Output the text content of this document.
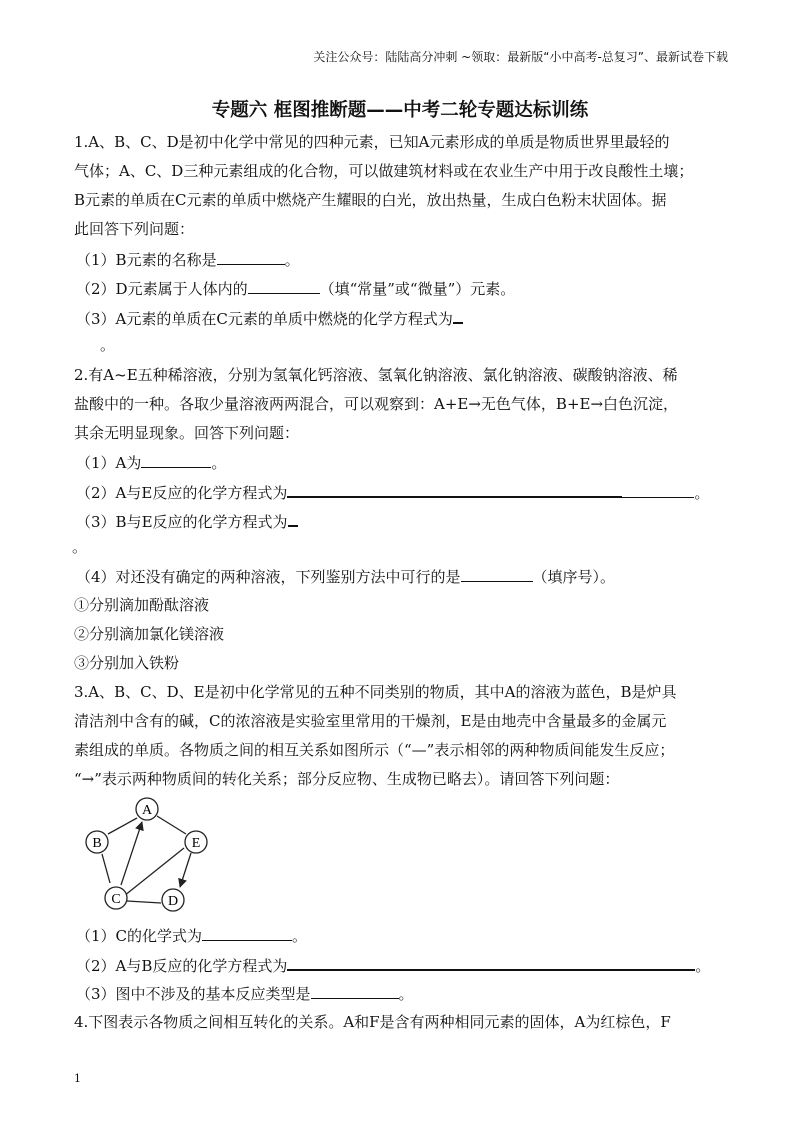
关注公众号：陆陆高分冲刺 ~领取：最新版“小中高考-总复习”、最新试卷下载
专题六 框图推断题——中考二轮专题达标训练
1.A、B、C、D是初中化学中常见的四种元素，已知A元素形成的单质是物质世界里最轻的
气体；A、C、D三种元素组成的化合物，可以做建筑材料或在农业生产中用于改良酸性土壤；
B元素的单质在C元素的单质中燃烧产生耀眼的白光，放出热量，生成白色粉末状固体。据
此回答下列问题：
（1）B元素的名称是	。
（2）D元素属于人体内的	（填“常量”或“微量”）元素。
（3）A元素的单质在C元素的单质中燃烧的化学方程式为
。
2.有A~E五种稀溶液，分别为氢氧化钙溶液、氢氧化钠溶液、氯化钠溶液、碳酸钠溶液、稀
盐酸中的一种。各取少量溶液两两混合，可以观察到：A+E→无色气体，B+E→白色沉淀，
其余无明显现象。回答下列问题：
（1）A为	。
（2）A与E反应的化学方程式为	。
（3）B与E反应的化学方程式为
。
（4）对还没有确定的两种溶液，下列鉴别方法中可行的是	（填序号）。
①分别滴加酚酞溶液
②分别滴加氯化镁溶液
③分别加入铁粉
3.A、B、C、D、E是初中化学常见的五种不同类别的物质，其中A的溶液为蓝色，B是炉具
清洁剂中含有的碱，C的浓溶液是实验室里常用的干燥剂，E是由地壳中含量最多的金属元
素组成的单质。各物质之间的相互关系如图所示（“—”表示相邻的两种物质间能发生反应；
“→”表示两种物质间的转化关系；部分反应物、生成物已略去）。请回答下列问题：
A
B	E
C	D
（1）C的化学式为	。
（2）A与B反应的化学方程式为	。
（3）图中不涉及的基本反应类型是	。
4.下图表示各物质之间相互转化的关系。A和F是含有两种相同元素的固体，A为红棕色，F
1
